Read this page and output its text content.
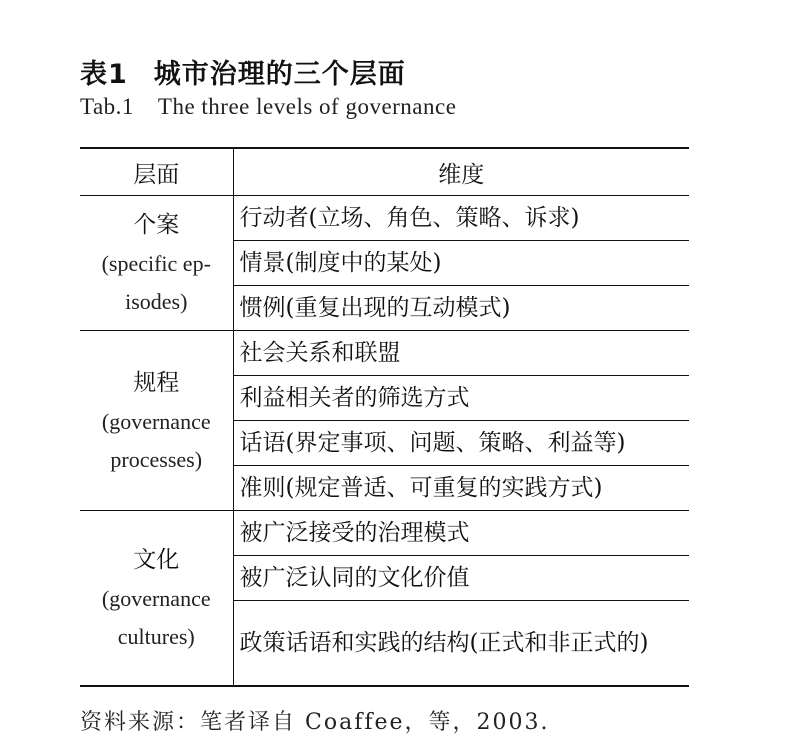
表1 城市治理的三个层面
Tab.1 The three levels of governance
层面	维度

个案
(specific ep-
isodes)	行动者(立场、角色、策略、诉求)
	情景(制度中的某处)
	惯例(重复出现的互动模式)

规程
(governance
processes)	社会关系和联盟
	利益相关者的筛选方式
	话语(界定事项、问题、策略、利益等)
	准则(规定普适、可重复的实践方式)

文化
(governance
cultures)	被广泛接受的治理模式
	被广泛认同的文化价值
	政策话语和实践的结构(正式和非正式的)
资料来源：笔者译自 Coaffee，等，2003.
